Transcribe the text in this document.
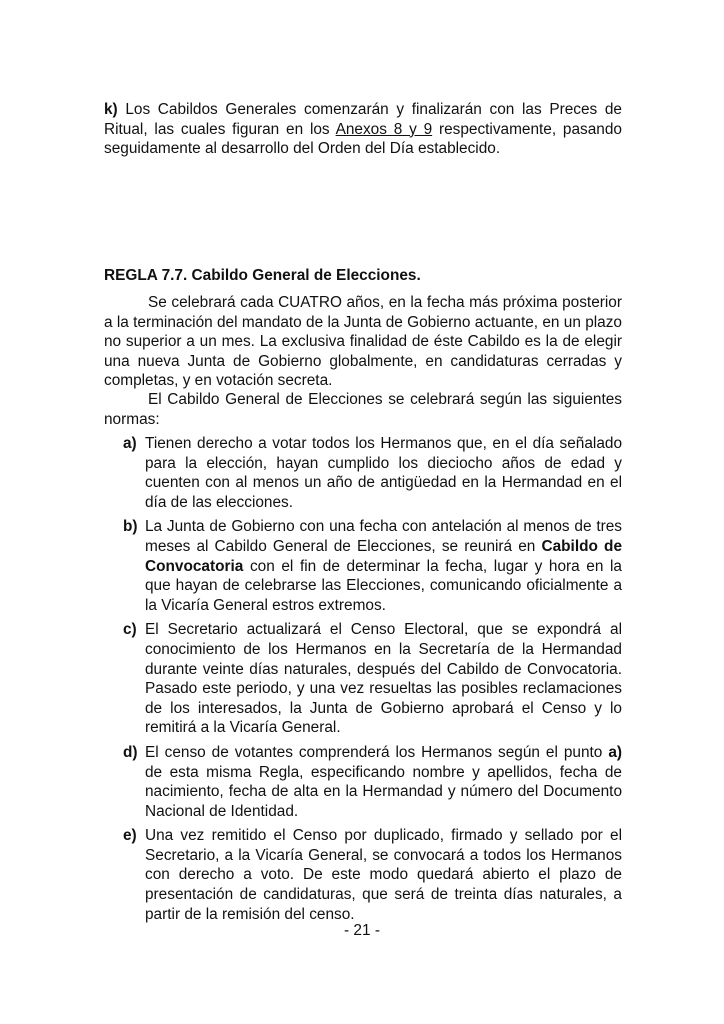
k) Los Cabildos Generales comenzarán y finalizarán con las Preces de Ritual, las cuales figuran en los Anexos 8 y 9 respectivamente, pasando seguidamente al desarrollo del Orden del Día establecido.

REGLA 7.7. Cabildo General de Elecciones.

Se celebrará cada CUATRO años, en la fecha más próxima posterior a la terminación del mandato de la Junta de Gobierno actuante, en un plazo no superior a un mes. La exclusiva finalidad de éste Cabildo es la de elegir una nueva Junta de Gobierno globalmente, en candidaturas cerradas y completas, y en votación secreta.

El Cabildo General de Elecciones se celebrará según las siguientes normas:

a) Tienen derecho a votar todos los Hermanos que, en el día señalado para la elección, hayan cumplido los dieciocho años de edad y cuenten con al menos un año de antigüedad en la Hermandad en el día de las elecciones.

b) La Junta de Gobierno con una fecha con antelación al menos de tres meses al Cabildo General de Elecciones, se reunirá en Cabildo de Convocatoria con el fin de determinar la fecha, lugar y hora en la que hayan de celebrarse las Elecciones, comunicando oficialmente a la Vicaría General estros extremos.

c) El Secretario actualizará el Censo Electoral, que se expondrá al conocimiento de los Hermanos en la Secretaría de la Hermandad durante veinte días naturales, después del Cabildo de Convocatoria. Pasado este periodo, y una vez resueltas las posibles reclamaciones de los interesados, la Junta de Gobierno aprobará el Censo y lo remitirá a la Vicaría General.

d) El censo de votantes comprenderá los Hermanos según el punto a) de esta misma Regla, especificando nombre y apellidos, fecha de nacimiento, fecha de alta en la Hermandad y número del Documento Nacional de Identidad.

e) Una vez remitido el Censo por duplicado, firmado y sellado por el Secretario, a la Vicaría General, se convocará a todos los Hermanos con derecho a voto. De este modo quedará abierto el plazo de presentación de candidaturas, que será de treinta días naturales, a partir de la remisión del censo.

- 21 -
